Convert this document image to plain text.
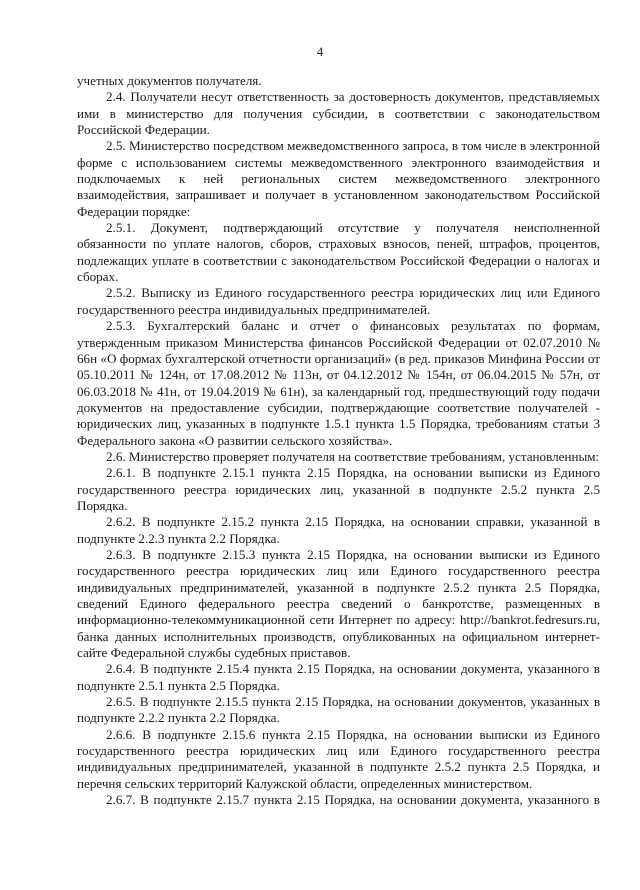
4

учетных документов получателя.

2.4. Получатели несут ответственность за достоверность документов, представляемых ими в министерство для получения субсидии, в соответствии с законодательством Российской Федерации.

2.5. Министерство посредством межведомственного запроса, в том числе в электронной форме с использованием системы межведомственного электронного взаимодействия и подключаемых к ней региональных систем межведомственного электронного взаимодействия, запрашивает и получает в установленном законодательством Российской Федерации порядке:

2.5.1. Документ, подтверждающий отсутствие у получателя неисполненной обязанности по уплате налогов, сборов, страховых взносов, пеней, штрафов, процентов, подлежащих уплате в соответствии с законодательством Российской Федерации о налогах и сборах.

2.5.2. Выписку из Единого государственного реестра юридических лиц или Единого государственного реестра индивидуальных предпринимателей.

2.5.3. Бухгалтерский баланс и отчет о финансовых результатах по формам, утвержденным приказом Министерства финансов Российской Федерации от 02.07.2010 № 66н «О формах бухгалтерской отчетности организаций» (в ред. приказов Минфина России от 05.10.2011 № 124н, от 17.08.2012 № 113н, от 04.12.2012 № 154н, от 06.04.2015 № 57н, от 06.03.2018 № 41н, от 19.04.2019 № 61н), за календарный год, предшествующий году подачи документов на предоставление субсидии, подтверждающие соответствие получателей - юридических лиц, указанных в подпункте 1.5.1 пункта 1.5 Порядка, требованиям статьи 3 Федерального закона «О развитии сельского хозяйства».

2.6. Министерство проверяет получателя на соответствие требованиям, установленным:

2.6.1. В подпункте 2.15.1 пункта 2.15 Порядка, на основании выписки из Единого государственного реестра юридических лиц, указанной в подпункте 2.5.2 пункта 2.5 Порядка.

2.6.2. В подпункте 2.15.2 пункта 2.15 Порядка, на основании справки, указанной в подпункте 2.2.3 пункта 2.2 Порядка.

2.6.3. В подпункте 2.15.3 пункта 2.15 Порядка, на основании выписки из Единого государственного реестра юридических лиц или Единого государственного реестра индивидуальных предпринимателей, указанной в подпункте 2.5.2 пункта 2.5 Порядка, сведений Единого федерального реестра сведений о банкротстве, размещенных в информационно-телекоммуникационной сети Интернет по адресу: http://bankrot.fedresurs.ru, банка данных исполнительных производств, опубликованных на официальном интернет-сайте Федеральной службы судебных приставов.

2.6.4. В подпункте 2.15.4 пункта 2.15 Порядка, на основании документа, указанного в подпункте 2.5.1 пункта 2.5 Порядка.

2.6.5. В подпункте 2.15.5 пункта 2.15 Порядка, на основании документов, указанных в подпункте 2.2.2 пункта 2.2 Порядка.

2.6.6. В подпункте 2.15.6 пункта 2.15 Порядка, на основании выписки из Единого государственного реестра юридических лиц или Единого государственного реестра индивидуальных предпринимателей, указанной в подпункте 2.5.2 пункта 2.5 Порядка, и перечня сельских территорий Калужской области, определенных министерством.

2.6.7. В подпункте 2.15.7 пункта 2.15 Порядка, на основании документа, указанного в
